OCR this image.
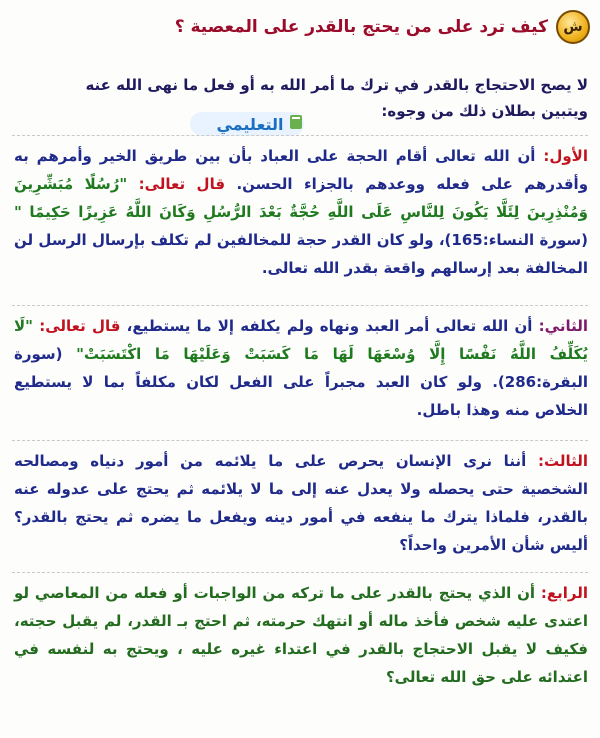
ش
كيف ترد على من يحتج بالقدر على المعصية ؟
لا يصح الاحتجاج بالقدر في ترك ما أمر الله به أو فعل ما نهى الله عنه
ويتبين بطلان ذلك من وجوه:
التعليمي

الأول: أن الله تعالى أقام الحجة على العباد بأن بين طريق الخير وأمرهم به وأقدرهم على فعله ووعدهم بالجزاء الحسن. قال تعالى: "رُسُلًا مُبَشِّرِينَ وَمُنْذِرِينَ لِئَلَّا يَكُونَ لِلنَّاسِ عَلَى اللَّهِ حُجَّةٌ بَعْدَ الرُّسُلِ وَكَانَ اللَّهُ عَزِيزًا حَكِيمًا " (سورة النساء:165)، ولو كان القدر حجة للمخالفين لم تكلف بإرسال الرسل لن المخالفة بعد إرسالهم واقعة بقدر الله تعالى.

الثاني: أن الله تعالى أمر العبد ونهاه ولم يكلفه إلا ما يستطيع، قال تعالى: "لَا يُكَلِّفُ اللَّهُ نَفْسًا إِلَّا وُسْعَهَا لَهَا مَا كَسَبَتْ وَعَلَيْهَا مَا اكْتَسَبَتْ" (سورة البقرة:286). ولو كان العبد مجبراً على الفعل لكان مكلفاً بما لا يستطيع الخلاص منه وهذا باطل.

الثالث: أننا نرى الإنسان يحرص على ما يلائمه من أمور دنياه ومصالحه الشخصية حتى يحصله ولا يعدل عنه إلى ما لا يلائمه ثم يحتج على عدوله عنه بالقدر، فلماذا يترك ما ينفعه في أمور دينه ويفعل ما يضره ثم يحتج بالقدر؟ أليس شأن الأمرين واحداً؟

الرابع: أن الذي يحتج بالقدر على ما تركه من الواجبات أو فعله من المعاصي لو اعتدى عليه شخص فأخذ ماله أو انتهك حرمته، ثم احتج بـ القدر، لم يقبل حجته، فكيف لا يقبل الاحتجاج بالقدر في اعتداء غيره عليه ، ويحتج به لنفسه في اعتدائه على حق الله تعالى؟
